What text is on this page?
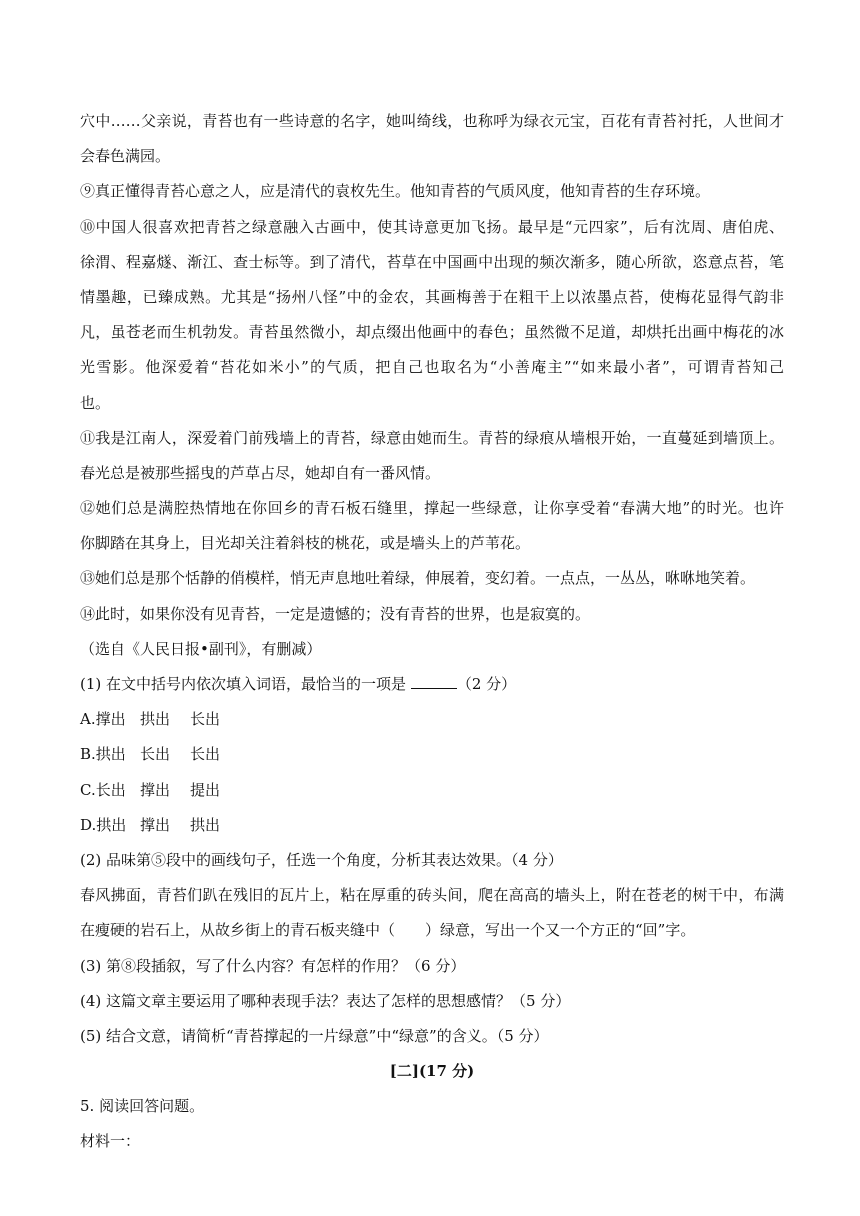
穴中……父亲说，青苔也有一些诗意的名字，她叫绮线，也称呼为绿衣元宝，百花有青苔衬托，人世间才
会春色满园。
⑨真正懂得青苔心意之人，应是清代的袁枚先生。他知青苔的气质风度，他知青苔的生存环境。
⑩中国人很喜欢把青苔之绿意融入古画中，使其诗意更加飞扬。最早是“元四家”，后有沈周、唐伯虎、
徐渭、程嘉燧、渐江、查士标等。到了清代，苔草在中国画中出现的频次渐多，随心所欲，恣意点苔，笔
情墨趣，已臻成熟。尤其是“扬州八怪”中的金农，其画梅善于在粗干上以浓墨点苔，使梅花显得气韵非
凡，虽苍老而生机勃发。青苔虽然微小，却点缀出他画中的春色；虽然微不足道，却烘托出画中梅花的冰
光雪影。他深爱着“苔花如米小”的气质，把自己也取名为“小善庵主”“如来最小者”，可谓青苔知己
也。
⑪我是江南人，深爱着门前残墙上的青苔，绿意由她而生。青苔的绿痕从墙根开始，一直蔓延到墙顶上。
春光总是被那些摇曳的芦草占尽，她却自有一番风情。
⑫她们总是满腔热情地在你回乡的青石板石缝里，撑起一些绿意，让你享受着“春满大地”的时光。也许
你脚踏在其身上，目光却关注着斜枝的桃花，或是墙头上的芦苇花。
⑬她们总是那个恬静的俏模样，悄无声息地吐着绿，伸展着，变幻着。一点点，一丛丛，咻咻地笑着。
⑭此时，如果你没有见青苔，一定是遗憾的；没有青苔的世界，也是寂寞的。
（选自《人民日报•副刊》，有删减）
(1) 在文中括号内依次填入词语，最恰当的一项是	（2 分）
A.撑出 拱出 长出
B.拱出 长出 长出
C.长出 撑出 提出
D.拱出 撑出 拱出
(2) 品味第⑤段中的画线句子，任选一个角度，分析其表达效果。（4 分）
春风拂面，青苔们趴在残旧的瓦片上，粘在厚重的砖头间，爬在高高的墙头上，附在苍老的树干中，布满
在瘦硬的岩石上，从故乡街上的青石板夹缝中（　　）绿意，写出一个又一个方正的“回”字。
(3) 第⑧段插叙，写了什么内容？有怎样的作用？（6 分）
(4) 这篇文章主要运用了哪种表现手法？表达了怎样的思想感情？（5 分）
(5) 结合文意，请简析“青苔撑起的一片绿意”中“绿意”的含义。（5 分）
[二](17 分)
5. 阅读回答问题。
材料一：
